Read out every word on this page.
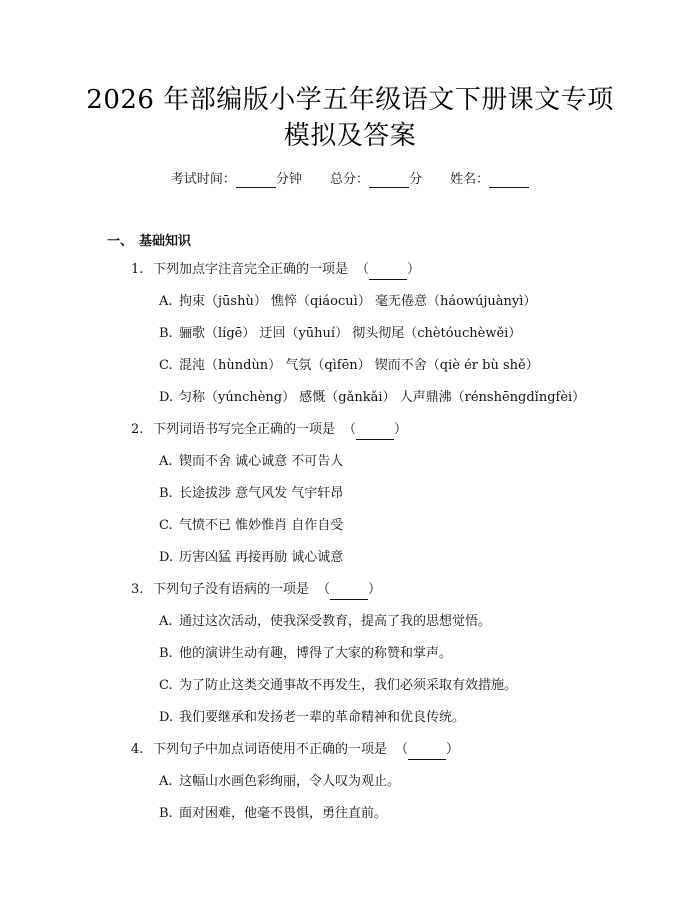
2026 年部编版小学五年级语文下册课文专项
模拟及答案
考试时间：	分钟 总分：	分 姓名：
一、 基础知识
1. 下列加点字注音完全正确的一项是 （	）
A. 拘束（jūshù） 憔悴（qiáocuì） 毫无倦意（háowújuànyì）
B. 骊歌（lígē） 迂回（yūhuí） 彻头彻尾（chètóuchèwěi）
C. 混沌（hùndùn） 气氛（qìfēn） 锲而不舍（qiè ér bù shě）
D. 匀称（yúnchèng） 感慨（gǎnkǎi） 人声鼎沸（rénshēngdǐngfèi）
2. 下列词语书写完全正确的一项是 （	）
A. 锲而不舍 诚心诚意 不可告人
B. 长途拔涉 意气风发 气宇轩昂
C. 气愤不已 惟妙惟肖 自作自受
D. 历害凶猛 再接再励 诚心诚意
3. 下列句子没有语病的一项是 （	）
A. 通过这次活动，使我深受教育，提高了我的思想觉悟。
B. 他的演讲生动有趣，博得了大家的称赞和掌声。
C. 为了防止这类交通事故不再发生，我们必须采取有效措施。
D. 我们要继承和发扬老一辈的革命精神和优良传统。
4. 下列句子中加点词语使用不正确的一项是 （	）
A. 这幅山水画色彩绚丽，令人叹为观止。
B. 面对困难，他毫不畏惧，勇往直前。
